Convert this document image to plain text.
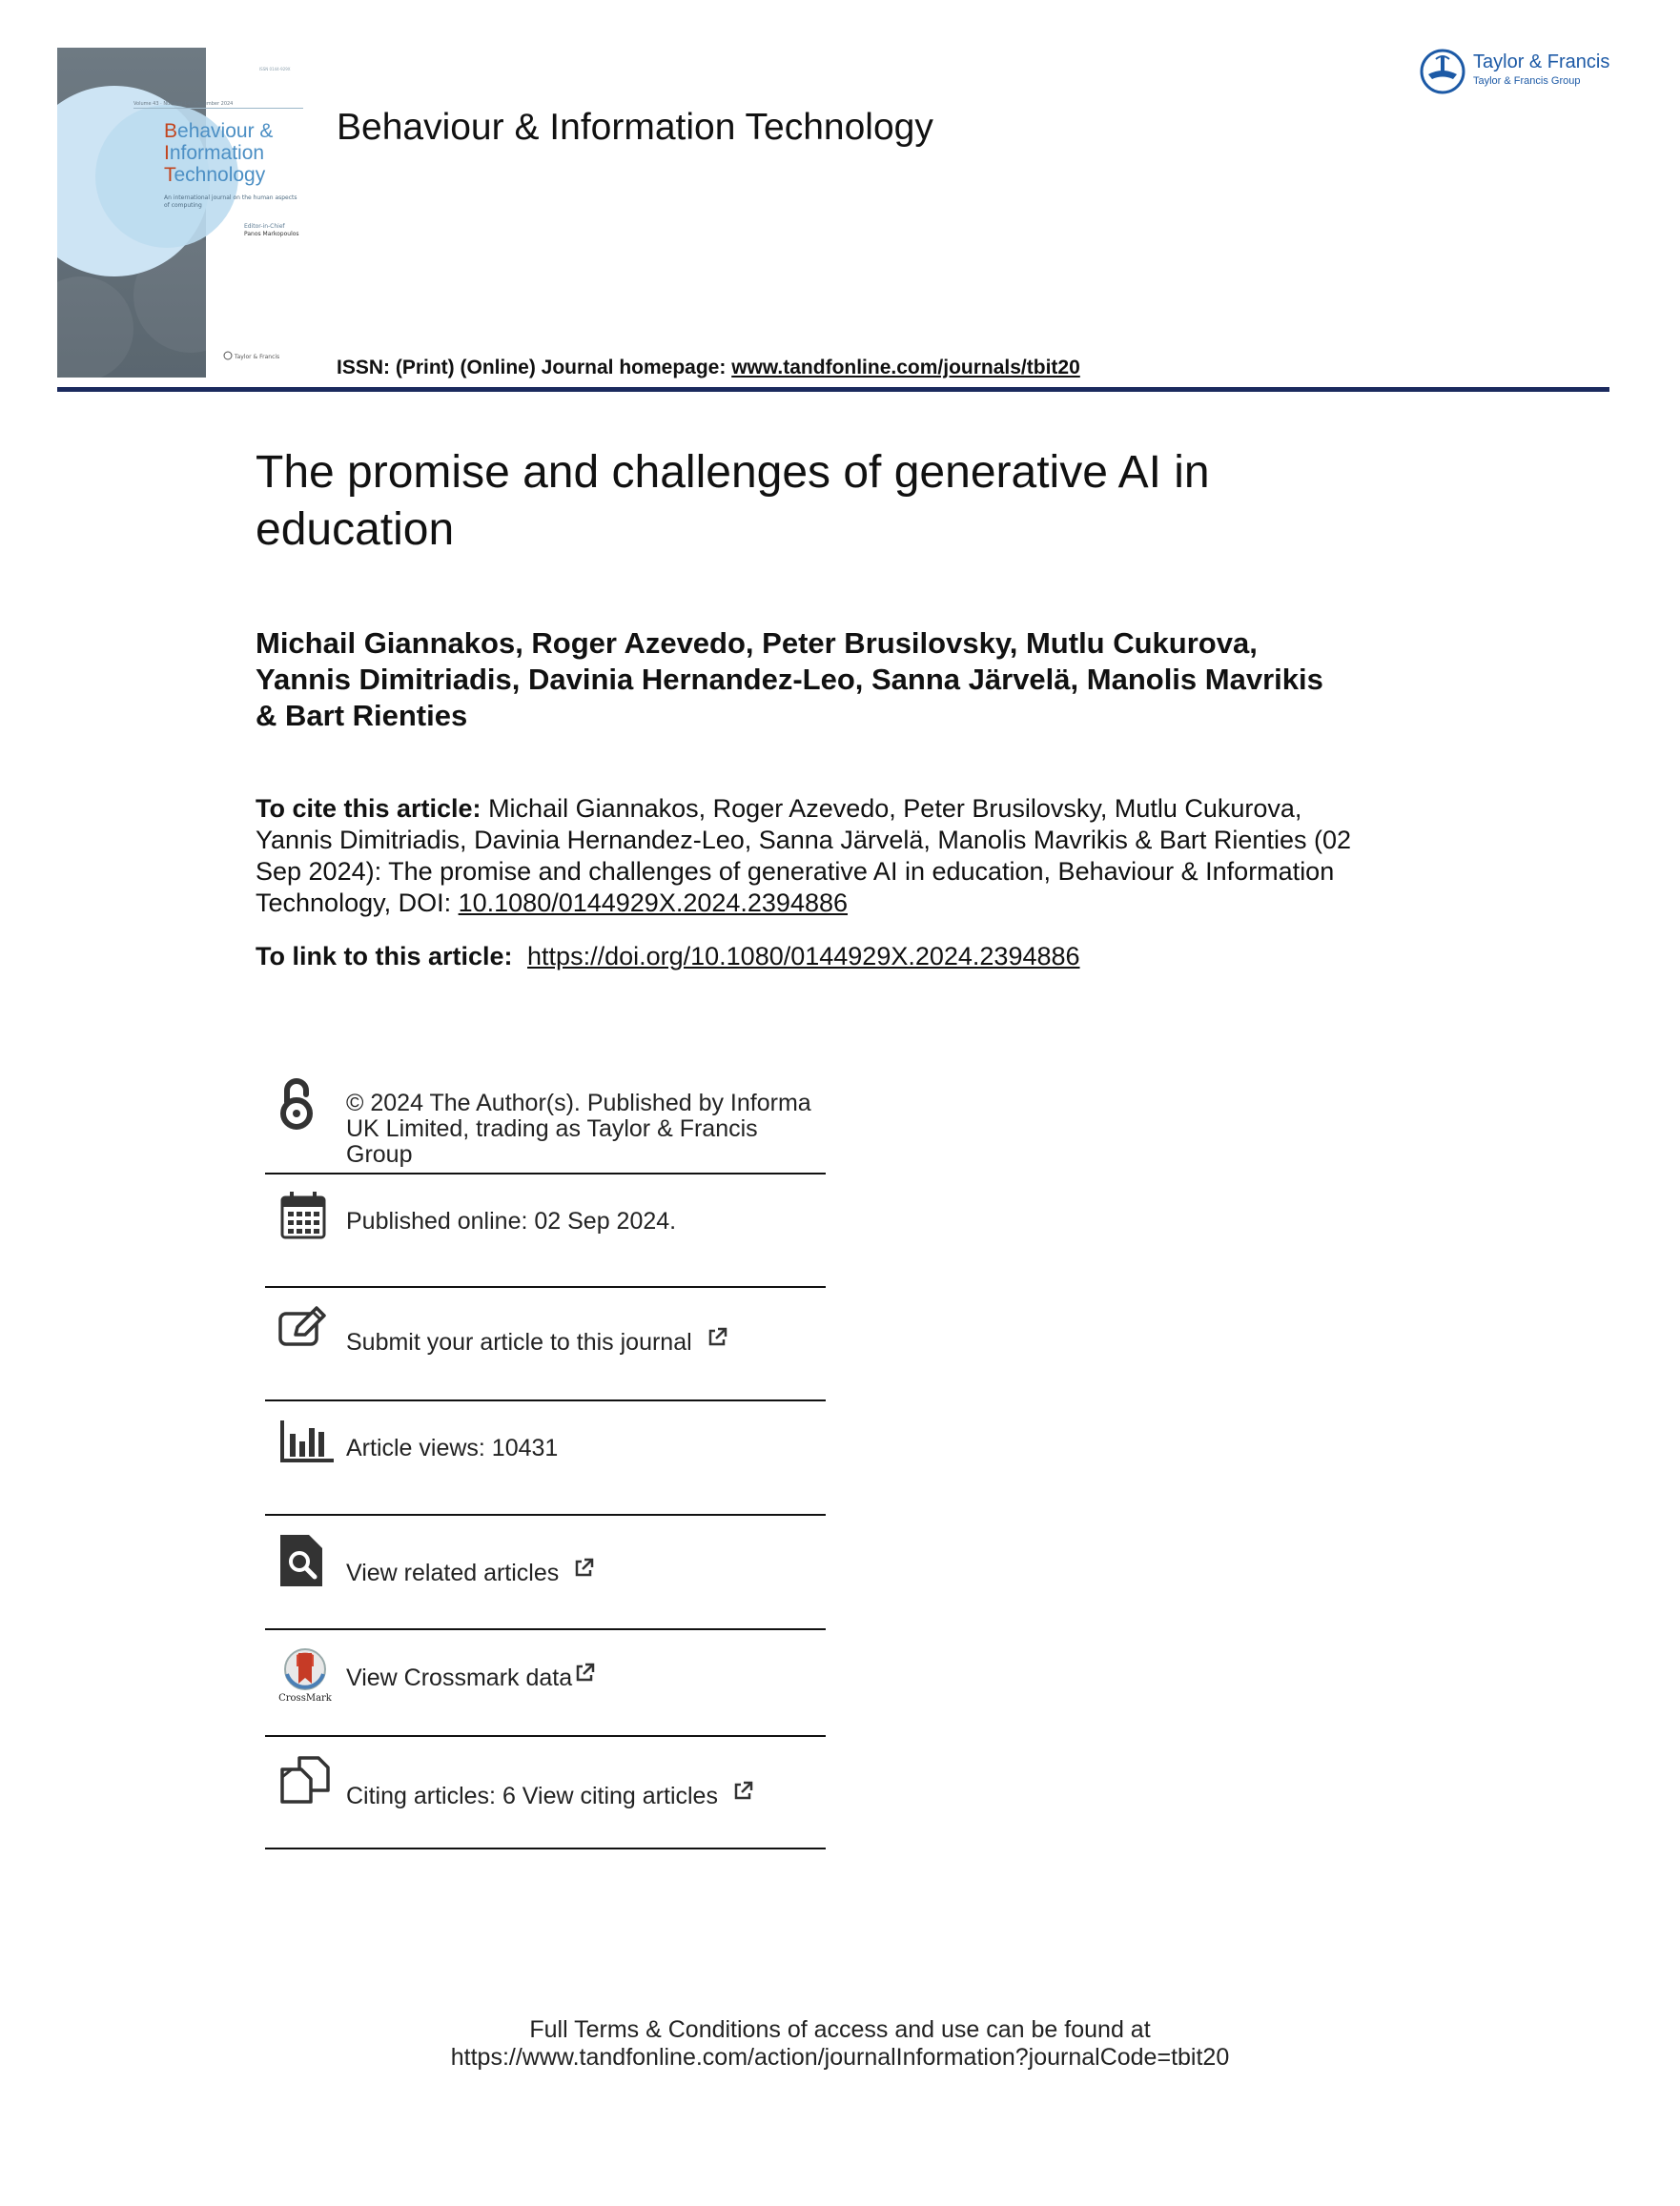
ISSN 0144-929X
Volume 43 · Number 14 · December 2024
Behaviour &
Information
Technology
An international journal on the human aspects of computing
Editor-in-Chief
Panos Markopoulos
Taylor & Francis
Behaviour & Information Technology
ISSN: (Print) (Online) Journal homepage: www.tandfonline.com/journals/tbit20
Taylor & Francis
Taylor & Francis Group
The promise and challenges of generative AI in
education
Michail Giannakos, Roger Azevedo, Peter Brusilovsky, Mutlu Cukurova,
Yannis Dimitriadis, Davinia Hernandez-Leo, Sanna Järvelä, Manolis Mavrikis
& Bart Rienties
To cite this article: Michail Giannakos, Roger Azevedo, Peter Brusilovsky, Mutlu Cukurova,
Yannis Dimitriadis, Davinia Hernandez-Leo, Sanna Järvelä, Manolis Mavrikis & Bart Rienties (02
Sep 2024): The promise and challenges of generative AI in education, Behaviour & Information
Technology, DOI: 10.1080/0144929X.2024.2394886
To link to this article: https://doi.org/10.1080/0144929X.2024.2394886
© 2024 The Author(s). Published by Informa
UK Limited, trading as Taylor & Francis
Group
Published online: 02 Sep 2024.
Submit your article to this journal
Article views: 10431
View related articles
CrossMark
View Crossmark data
Citing articles: 6 View citing articles
Full Terms & Conditions of access and use can be found at
https://www.tandfonline.com/action/journalInformation?journalCode=tbit20
